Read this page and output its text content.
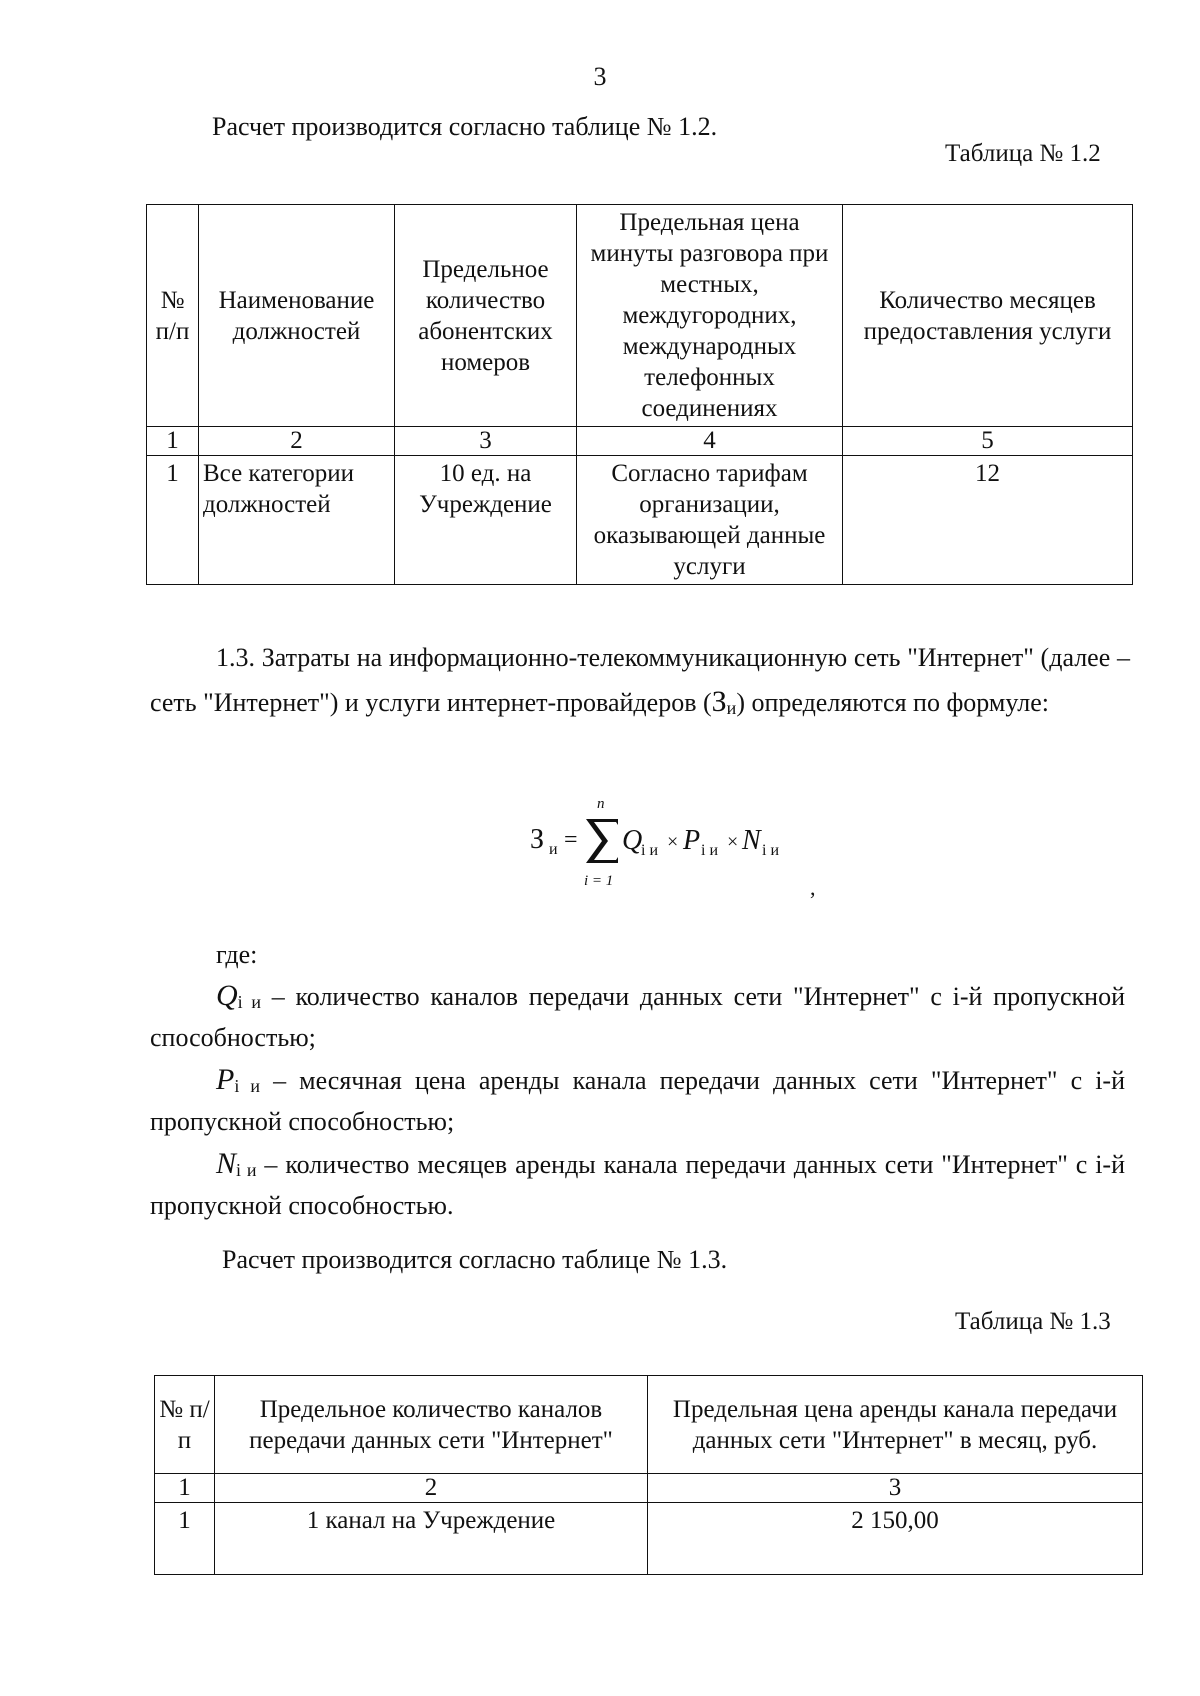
3
Расчет производится согласно таблице № 1.2.
Таблица № 1.2
№ п/п	Наименование должностей	Предельное количество абонентских номеров	Предельная цена минуты разговора при местных, междугородних, международных телефонных соединениях	Количество месяцев предоставления услуги
1	2	3	4	5
1	Все категории должностей	10 ед. на Учреждение	Согласно тарифам организации, оказывающей данные услуги	12
1.3. Затраты на информационно-телекоммуникационную сеть "Интернет" (далее – сеть "Интернет") и услуги интернет-провайдеров (Зи) определяются по формуле:
З и =
n
i = 1
Q
i и × P i и × N i и
,
где:
Qi и – количество каналов передачи данных сети "Интернет" с i-й пропускной способностью;
Pi и – месячная цена аренды канала передачи данных сети "Интернет" с i-й пропускной способностью;
Ni и – количество месяцев аренды канала передачи данных сети "Интернет" с i-й пропускной способностью.
Расчет производится согласно таблице № 1.3.
Таблица № 1.3
№ п/п	Предельное количество каналов передачи данных сети "Интернет"	Предельная цена аренды канала передачи данных сети "Интернет" в месяц, руб.
1	2	3
1	1 канал на Учреждение	2 150,00
